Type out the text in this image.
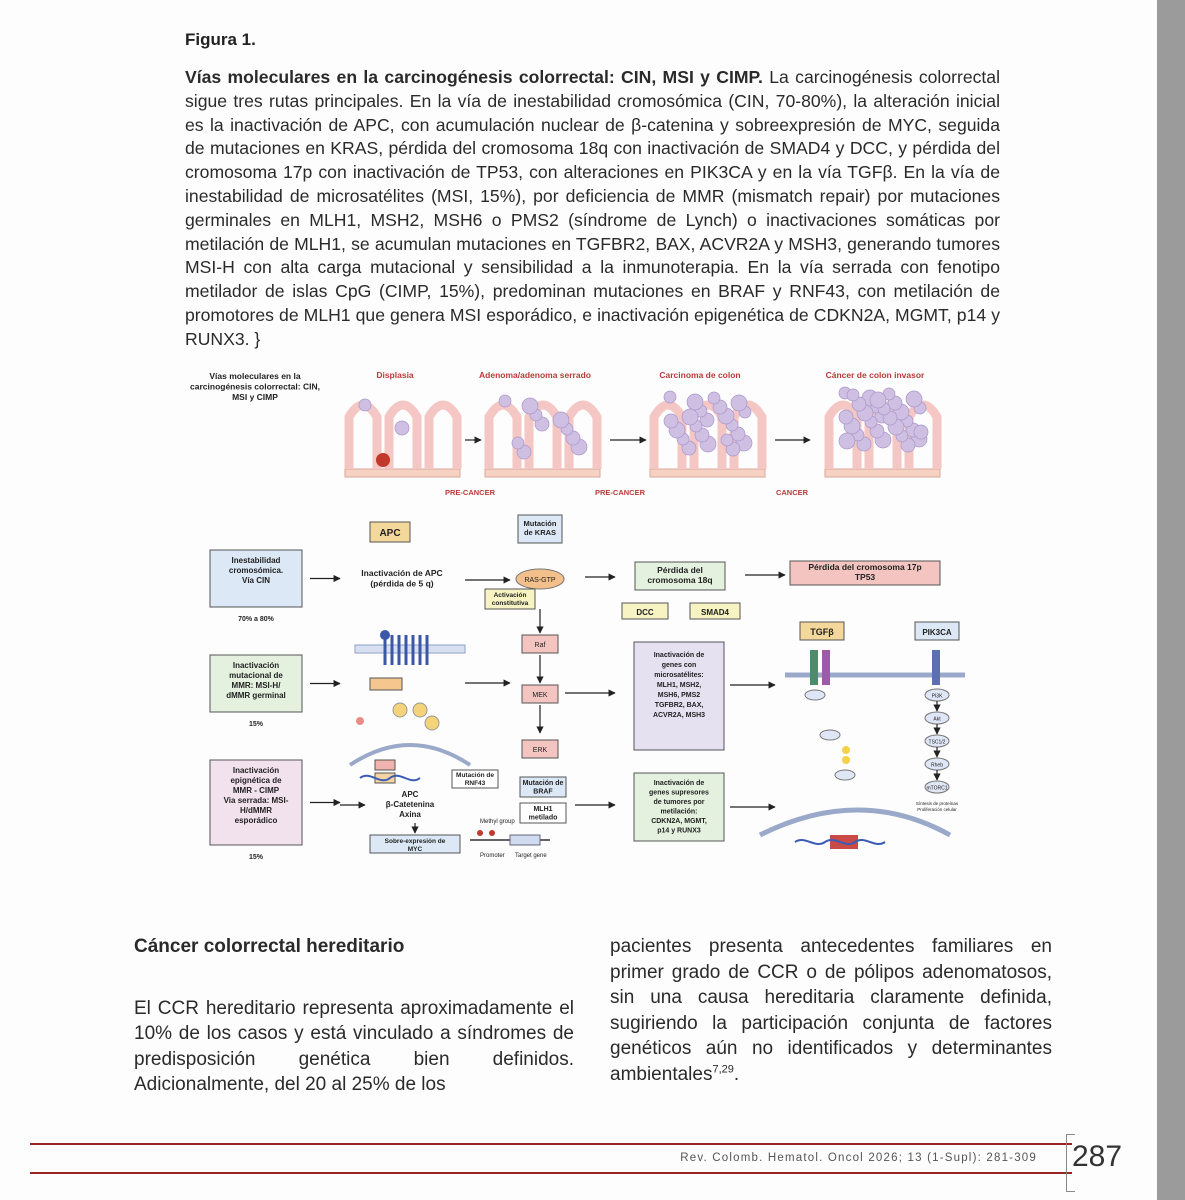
Figura 1.
Vías moleculares en la carcinogénesis colorrectal: CIN, MSI y CIMP. La carcinogénesis colorrectal sigue tres rutas principales. En la vía de inestabilidad cromosómica (CIN, 70-80%), la alteración inicial es la inactivación de APC, con acumulación nuclear de β-catenina y sobreexpresión de MYC, seguida de mutaciones en KRAS, pérdida del cromosoma 18q con inactivación de SMAD4 y DCC, y pérdida del cromosoma 17p con inactivación de TP53, con alteraciones en PIK3CA y en la vía TGFβ. En la vía de inestabilidad de microsatélites (MSI, 15%), por deficiencia de MMR (mismatch repair) por mutaciones germinales en MLH1, MSH2, MSH6 o PMS2 (síndrome de Lynch) o inactivaciones somáticas por metilación de MLH1, se acumulan mutaciones en TGFBR2, BAX, ACVR2A y MSH3, generando tumores MSI-H con alta carga mutacional y sensibilidad a la inmunoterapia. En la vía serrada con fenotipo metilador de islas CpG (CIMP, 15%), predominan mutaciones en BRAF y RNF43, con metilación de promotores de MLH1 que genera MSI esporádico, e inactivación epigenética de CDKN2A, MGMT, p14 y RUNX3. }
Vías moleculares en la carcinogénesis colorrectal: CIN, MSI y CIMP
Displasia	Adenoma/adenoma serrado	Carcinoma de colon	Cáncer de colon invasor
PRE-CANCER	PRE-CANCER	CANCER
APC
Mutación de KRAS
Inestabilidad cromosómica. Vía CIN
70% a 80%
Inactivación mutacional de MMR: MSI-H/ dMMR germinal
15%
Inactivación epignética de MMR - CIMP Via serrada: MSI-H/dMMR esporádico
15%
Inactivación de APC (pérdida de 5 q)	RAS-GTP
Activación constitutiva
Pérdida del cromosoma 18q
DCC	SMAD4
Pérdida del cromosoma 17p TP53
Raf
MEK
ERK
Mutación de BRAF
MLH1 metilado
Mutación de RNF43
APC β-Catetenina Axina
Sobre-expresión de MYC
Methyl group
Promoter Target gene
Inactivación de genes con microsatélites: MLH1, MSH2, MSH6, PMS2 TGFBR2, BAX, ACVR2A, MSH3
Inactivación de genes supresores de tumores por metilación: CDKN2A, MGMT, p14 y RUNX3
TGFβ	PIK3CA
PI3K
Akt
TSC1/2
Rheb
mTORC1
Síntesis de proteínas Proliferación celular
Cáncer colorrectal hereditario

El CCR hereditario representa aproximadamente el 10% de los casos y está vinculado a síndromes de predisposición genética bien definidos. Adicionalmente, del 20 al 25% de los

pacientes presenta antecedentes familiares en primer grado de CCR o de pólipos adenomatosos, sin una causa hereditaria claramente definida, sugiriendo la participación conjunta de factores genéticos aún no identificados y determinantes ambientales$^{7,29}$.

Rev. Colomb. Hematol. Oncol 2026; 13 (1-Supl): 281-309 287
